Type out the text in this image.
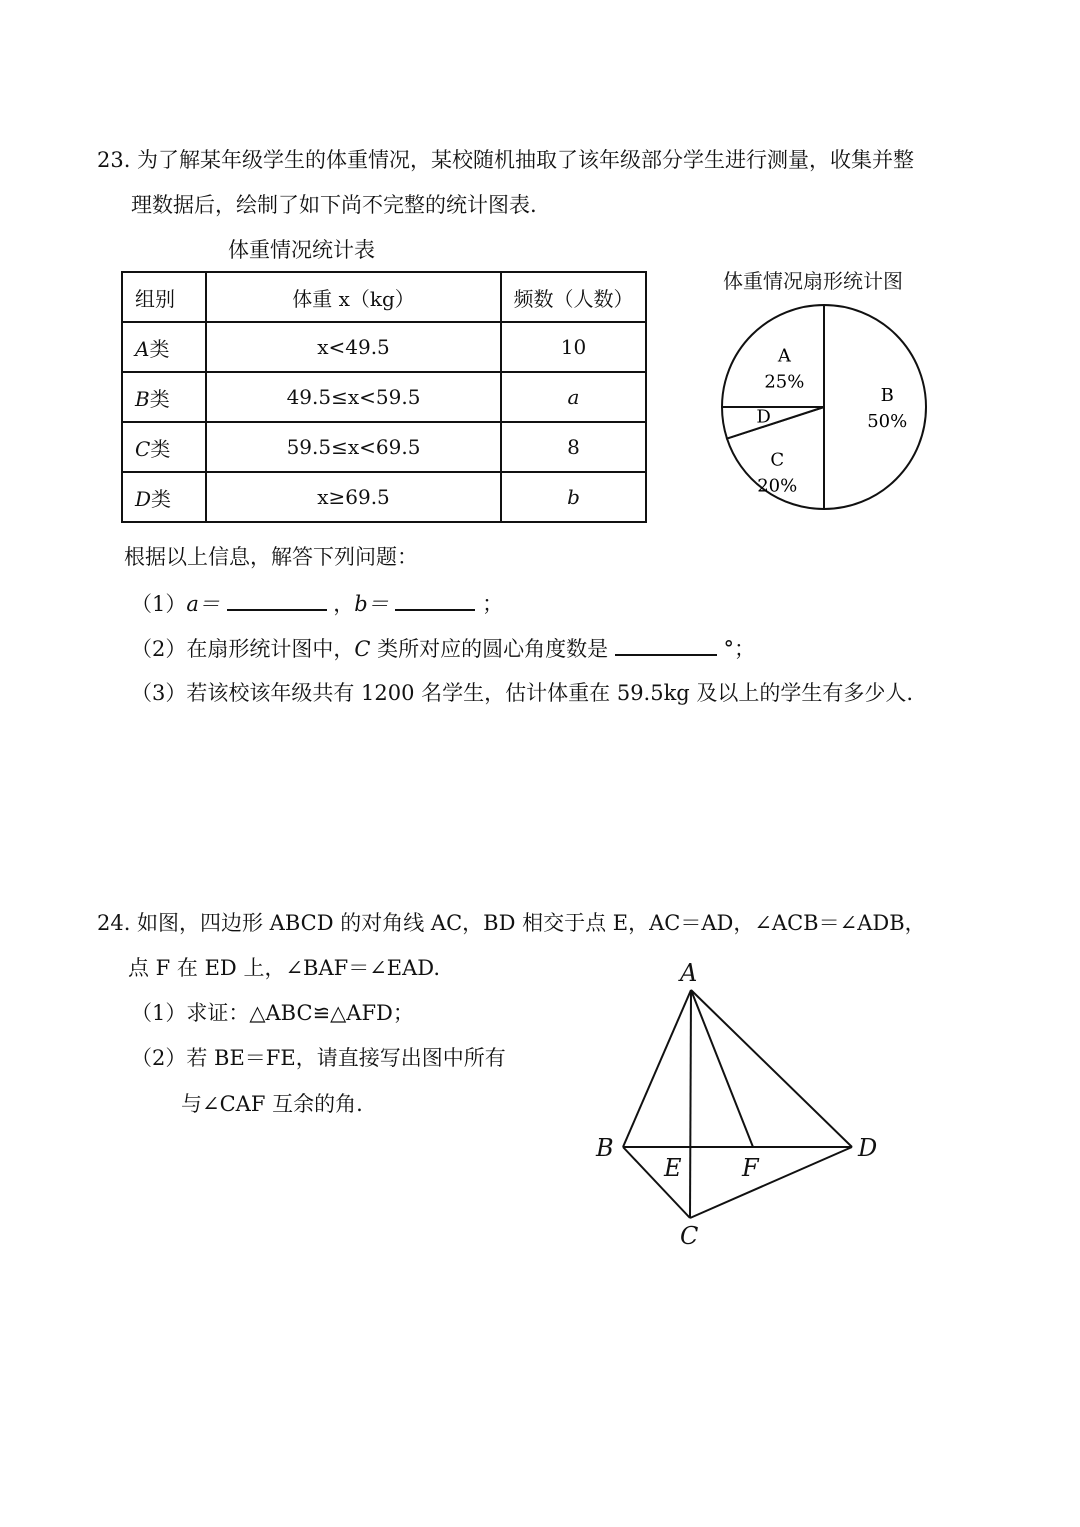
23. 为了解某年级学生的体重情况，某校随机抽取了该年级部分学生进行测量，收集并整
理数据后，绘制了如下尚不完整的统计图表.
体重情况统计表
组别	体重 x（kg）	频数（人数）
A类	x<49.5	10
B类	49.5≤x<59.5	a
C类	59.5≤x<69.5	8
D类	x≥69.5	b
体重情况扇形统计图
B
50%
C
20%
D
A
25%
根据以上信息，解答下列问题：
（1）a＝	，b＝	；
（2）在扇形统计图中，C 类所对应的圆心角度数是	°；
（3）若该校该年级共有 1200 名学生，估计体重在 59.5kg 及以上的学生有多少人.
24. 如图，四边形 ABCD 的对角线 AC，BD 相交于点 E，AC＝AD，∠ACB＝∠ADB，
点 F 在 ED 上，∠BAF＝∠EAD.
（1）求证：△ABC≌△AFD；
（2）若 BE＝FE，请直接写出图中所有
与∠CAF 互余的角.
A
B
C
D
E	F
